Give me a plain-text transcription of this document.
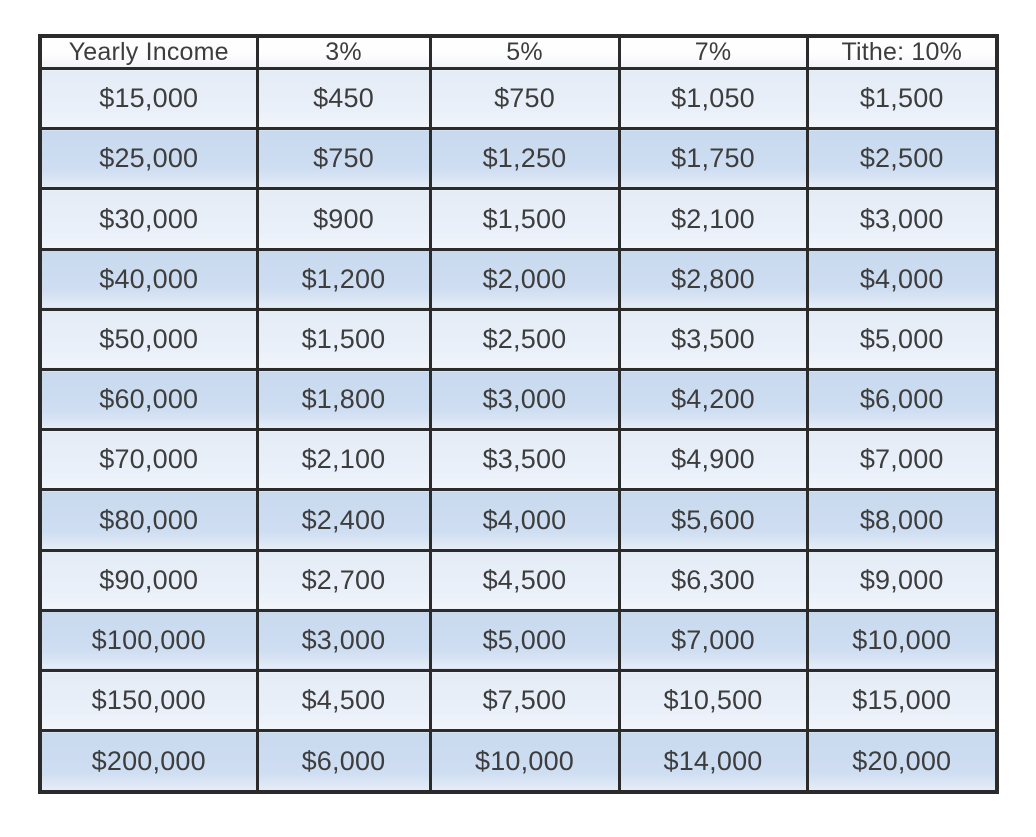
Yearly Income	3%	5%	7%	Tithe: 10%
$15,000	$450	$750	$1,050	$1,500
$25,000	$750	$1,250	$1,750	$2,500
$30,000	$900	$1,500	$2,100	$3,000
$40,000	$1,200	$2,000	$2,800	$4,000
$50,000	$1,500	$2,500	$3,500	$5,000
$60,000	$1,800	$3,000	$4,200	$6,000
$70,000	$2,100	$3,500	$4,900	$7,000
$80,000	$2,400	$4,000	$5,600	$8,000
$90,000	$2,700	$4,500	$6,300	$9,000
$100,000	$3,000	$5,000	$7,000	$10,000
$150,000	$4,500	$7,500	$10,500	$15,000
$200,000	$6,000	$10,000	$14,000	$20,000
